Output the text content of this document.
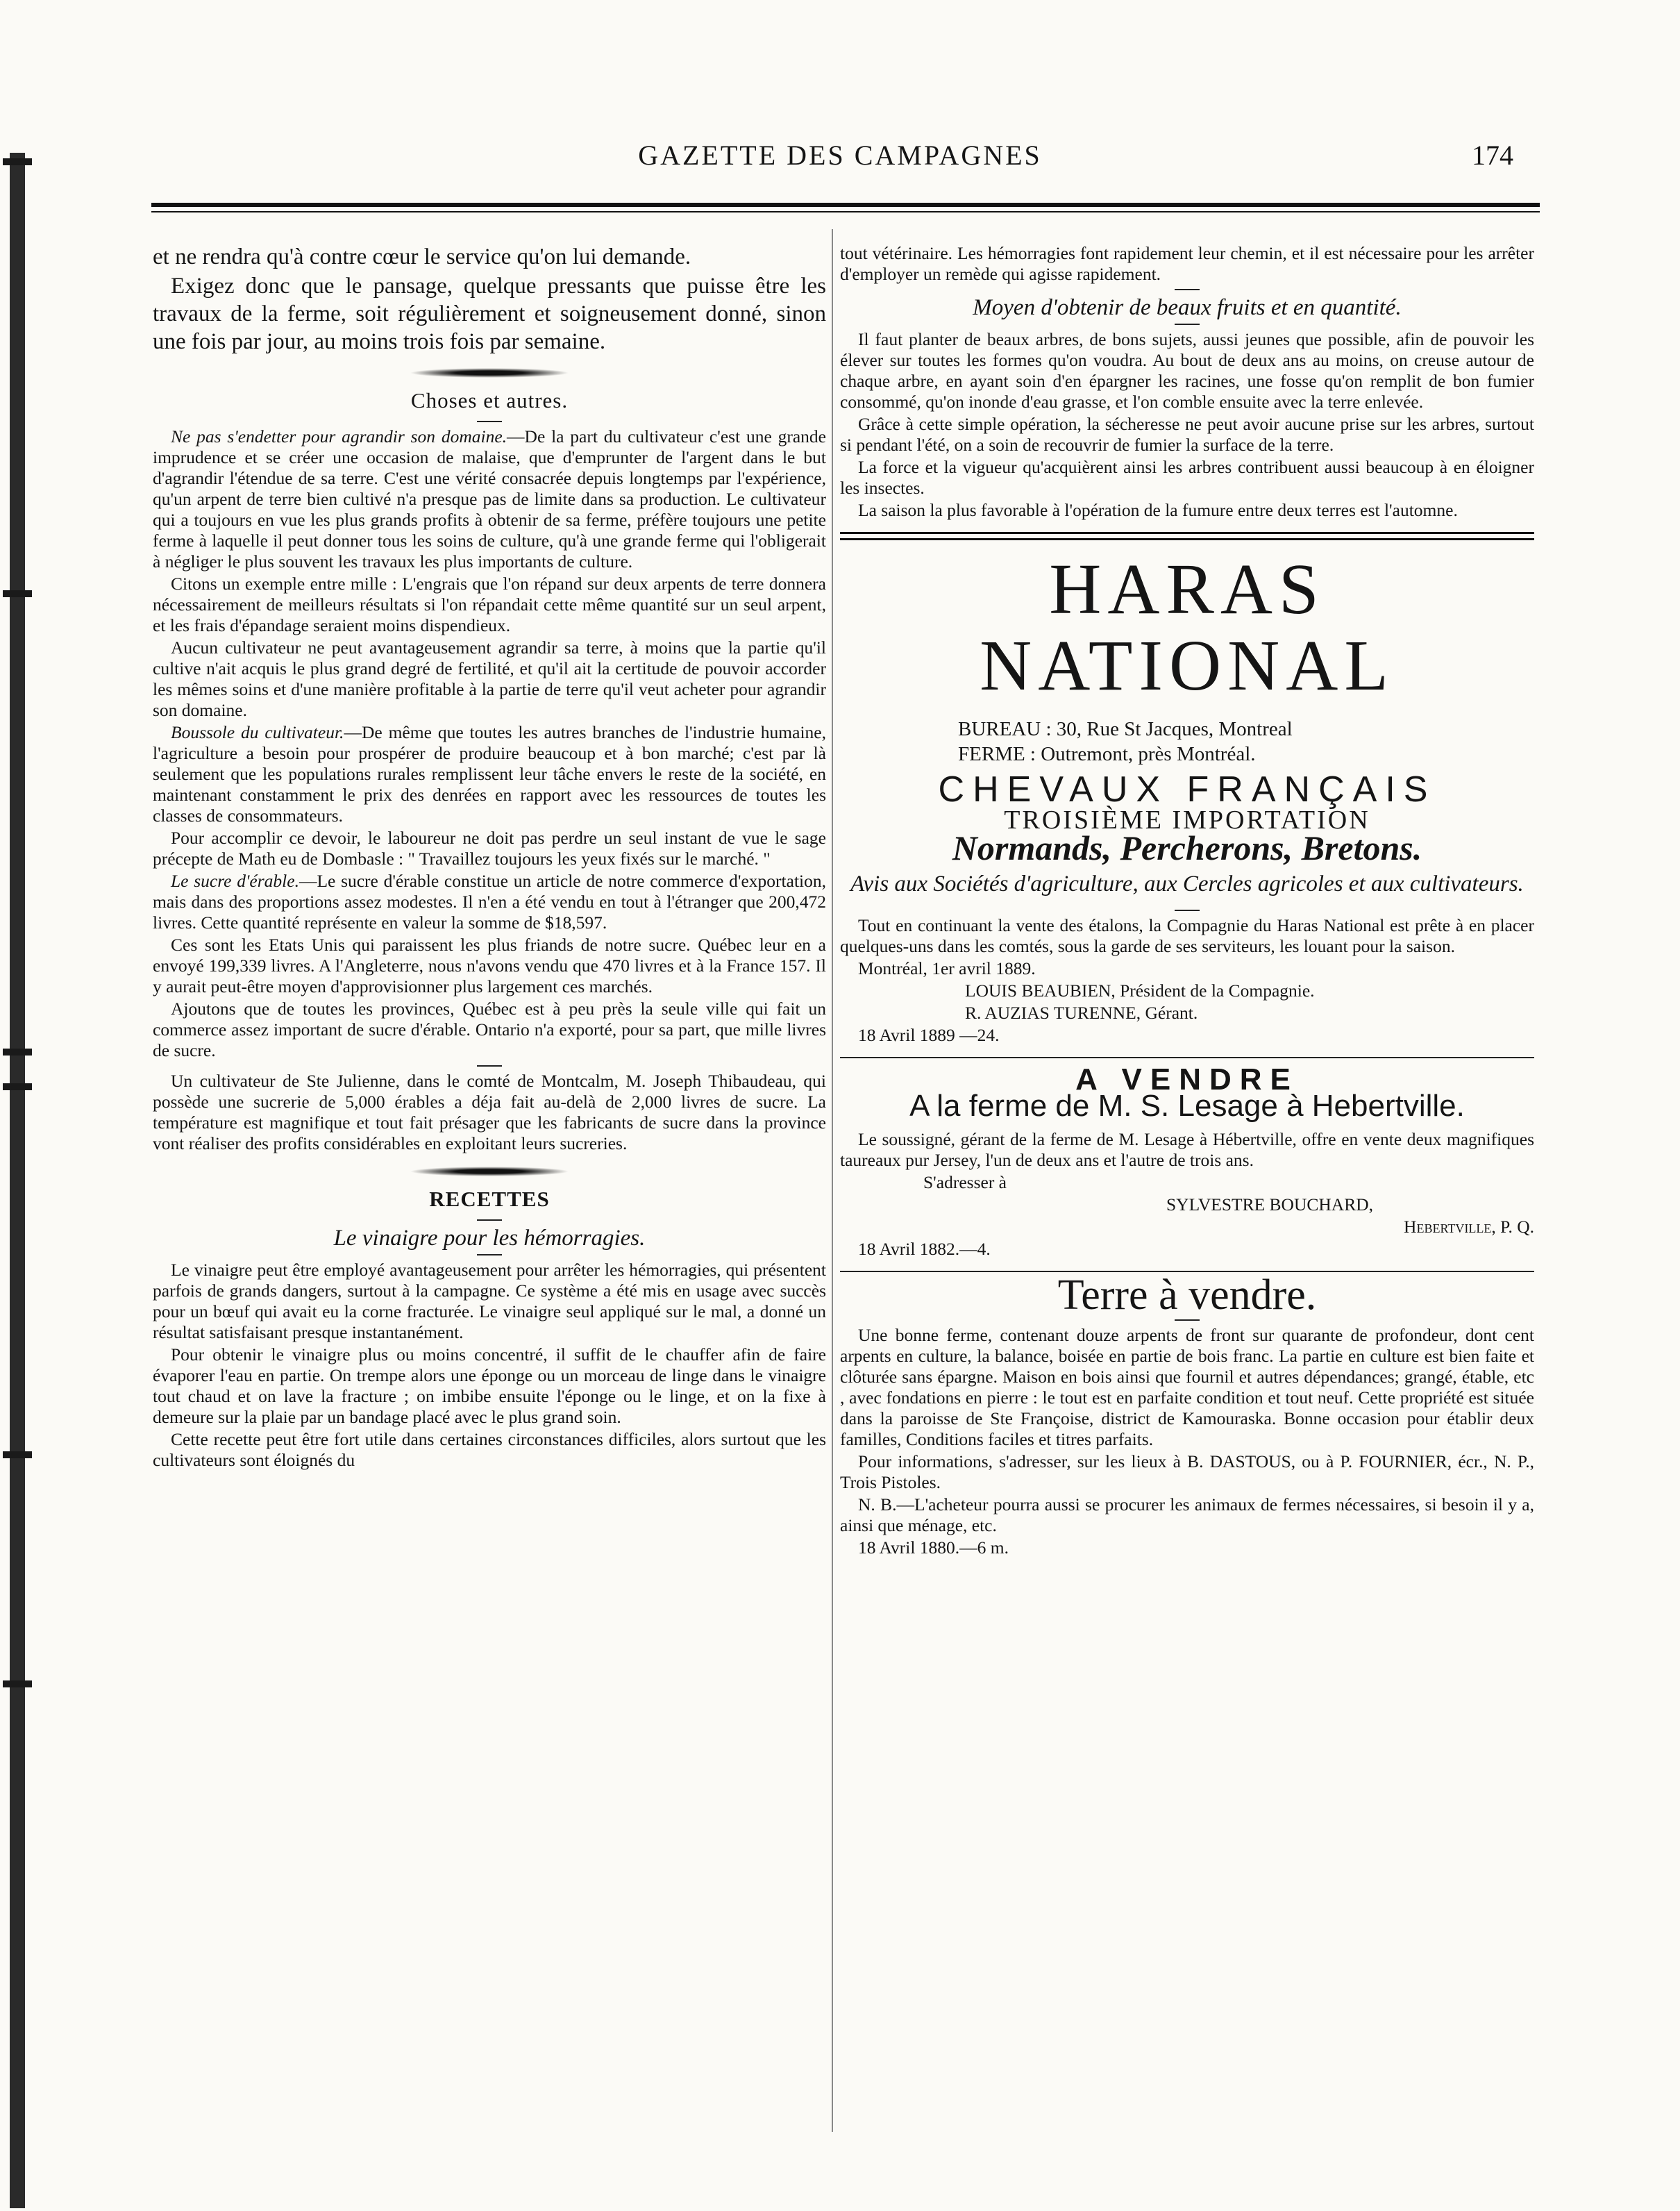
GAZETTE DES CAMPAGNES	174

et ne rendra qu'à contre cœur le service qu'on lui demande.

Exigez donc que le pansage, quelque pressants que puisse être les travaux de la ferme, soit régulièrement et soigneusement donné, sinon une fois par jour, au moins trois fois par semaine.

Choses et autres.

Ne pas s'endetter pour agrandir son domaine.—De la part du cultivateur c'est une grande imprudence et se créer une occasion de malaise, que d'emprunter de l'argent dans le but d'agrandir l'étendue de sa terre. C'est une vérité consacrée depuis longtemps par l'expérience, qu'un arpent de terre bien cultivé n'a presque pas de limite dans sa production. Le cultivateur qui a toujours en vue les plus grands profits à obtenir de sa ferme, préfère toujours une petite ferme à laquelle il peut donner tous les soins de culture, qu'à une grande ferme qui l'obligerait à négliger le plus souvent les travaux les plus importants de culture.

Citons un exemple entre mille : L'engrais que l'on répand sur deux arpents de terre donnera nécessairement de meilleurs résultats si l'on répandait cette même quantité sur un seul arpent, et les frais d'épandage seraient moins dispendieux.

Aucun cultivateur ne peut avantageusement agrandir sa terre, à moins que la partie qu'il cultive n'ait acquis le plus grand degré de fertilité, et qu'il ait la certitude de pouvoir accorder les mêmes soins et d'une manière profitable à la partie de terre qu'il veut acheter pour agrandir son domaine.

Boussole du cultivateur.—De même que toutes les autres branches de l'industrie humaine, l'agriculture a besoin pour prospérer de produire beaucoup et à bon marché; c'est par là seulement que les populations rurales remplissent leur tâche envers le reste de la société, en maintenant constamment le prix des denrées en rapport avec les ressources de toutes les classes de consommateurs.

Pour accomplir ce devoir, le laboureur ne doit pas perdre un seul instant de vue le sage précepte de Math eu de Dombasle : " Travaillez toujours les yeux fixés sur le marché. "

Le sucre d'érable.—Le sucre d'érable constitue un article de notre commerce d'exportation, mais dans des proportions assez modestes. Il n'en a été vendu en tout à l'étranger que 200,472 livres. Cette quantité représente en valeur la somme de $18,597.

Ces sont les Etats Unis qui paraissent les plus friands de notre sucre. Québec leur en a envoyé 199,339 livres. A l'Angleterre, nous n'avons vendu que 470 livres et à la France 157. Il y aurait peut-être moyen d'approvisionner plus largement ces marchés.

Ajoutons que de toutes les provinces, Québec est à peu près la seule ville qui fait un commerce assez important de sucre d'érable. Ontario n'a exporté, pour sa part, que mille livres de sucre.

Un cultivateur de Ste Julienne, dans le comté de Montcalm, M. Joseph Thibaudeau, qui possède une sucrerie de 5,000 érables a déja fait au-delà de 2,000 livres de sucre. La température est magnifique et tout fait présager que les fabricants de sucre dans la province vont réaliser des profits considérables en exploitant leurs sucreries.

RECETTES
Le vinaigre pour les hémorragies.

Le vinaigre peut être employé avantageusement pour arrêter les hémorragies, qui présentent parfois de grands dangers, surtout à la campagne. Ce système a été mis en usage avec succès pour un bœuf qui avait eu la corne fracturée. Le vinaigre seul appliqué sur le mal, a donné un résultat satisfaisant presque instantanément.

Pour obtenir le vinaigre plus ou moins concentré, il suffit de le chauffer afin de faire évaporer l'eau en partie. On trempe alors une éponge ou un morceau de linge dans le vinaigre tout chaud et on lave la fracture ; on imbibe ensuite l'éponge ou le linge, et on la fixe à demeure sur la plaie par un bandage placé avec le plus grand soin.

Cette recette peut être fort utile dans certaines circonstances difficiles, alors surtout que les cultivateurs sont éloignés du

tout vétérinaire. Les hémorragies font rapidement leur chemin, et il est nécessaire pour les arrêter d'employer un remède qui agisse rapidement.

Moyen d'obtenir de beaux fruits et en quantité.

Il faut planter de beaux arbres, de bons sujets, aussi jeunes que possible, afin de pouvoir les élever sur toutes les formes qu'on voudra. Au bout de deux ans au moins, on creuse autour de chaque arbre, en ayant soin d'en épargner les racines, une fosse qu'on remplit de bon fumier consommé, qu'on inonde d'eau grasse, et l'on comble ensuite avec la terre enlevée.

Grâce à cette simple opération, la sécheresse ne peut avoir aucune prise sur les arbres, surtout si pendant l'été, on a soin de recouvrir de fumier la surface de la terre.

La force et la vigueur qu'acquièrent ainsi les arbres contribuent aussi beaucoup à en éloigner les insectes.

La saison la plus favorable à l'opération de la fumure entre deux terres est l'automne.

HARAS NATIONAL
BUREAU : 30, Rue St Jacques, Montreal
FERME : Outremont, près Montréal.
CHEVAUX FRANÇAIS
TROISIÈME IMPORTATION
Normands, Percherons, Bretons.
Avis aux Sociétés d'agriculture, aux Cercles agricoles et aux cultivateurs.

Tout en continuant la vente des étalons, la Compagnie du Haras National est prête à en placer quelques-uns dans les comtés, sous la garde de ses serviteurs, les louant pour la saison.

Montréal, 1er avril 1889.

LOUIS BEAUBIEN, Président de la Compagnie.

R. AUZIAS TURENNE, Gérant.

18 Avril 1889 —24.

A VENDRE
A la ferme de M. S. Lesage à Hebertville.

Le soussigné, gérant de la ferme de M. Lesage à Hébertville, offre en vente deux magnifiques taureaux pur Jersey, l'un de deux ans et l'autre de trois ans.

S'adresser à

SYLVESTRE BOUCHARD,

Hebertville, P. Q.

18 Avril 1882.—4.

Terre à vendre.

Une bonne ferme, contenant douze arpents de front sur quarante de profondeur, dont cent arpents en culture, la balance, boisée en partie de bois franc. La partie en culture est bien faite et clôturée sans épargne. Maison en bois ainsi que fournil et autres dépendances; grangé, étable, etc , avec fondations en pierre : le tout est en parfaite condition et tout neuf. Cette propriété est située dans la paroisse de Ste Françoise, district de Kamouraska. Bonne occasion pour établir deux familles, Conditions faciles et titres parfaits.

Pour informations, s'adresser, sur les lieux à B. DASTOUS, ou à P. FOURNIER, écr., N. P., Trois Pistoles.

N. B.—L'acheteur pourra aussi se procurer les animaux de fermes nécessaires, si besoin il y a, ainsi que ménage, etc.

18 Avril 1880.—6 m.
